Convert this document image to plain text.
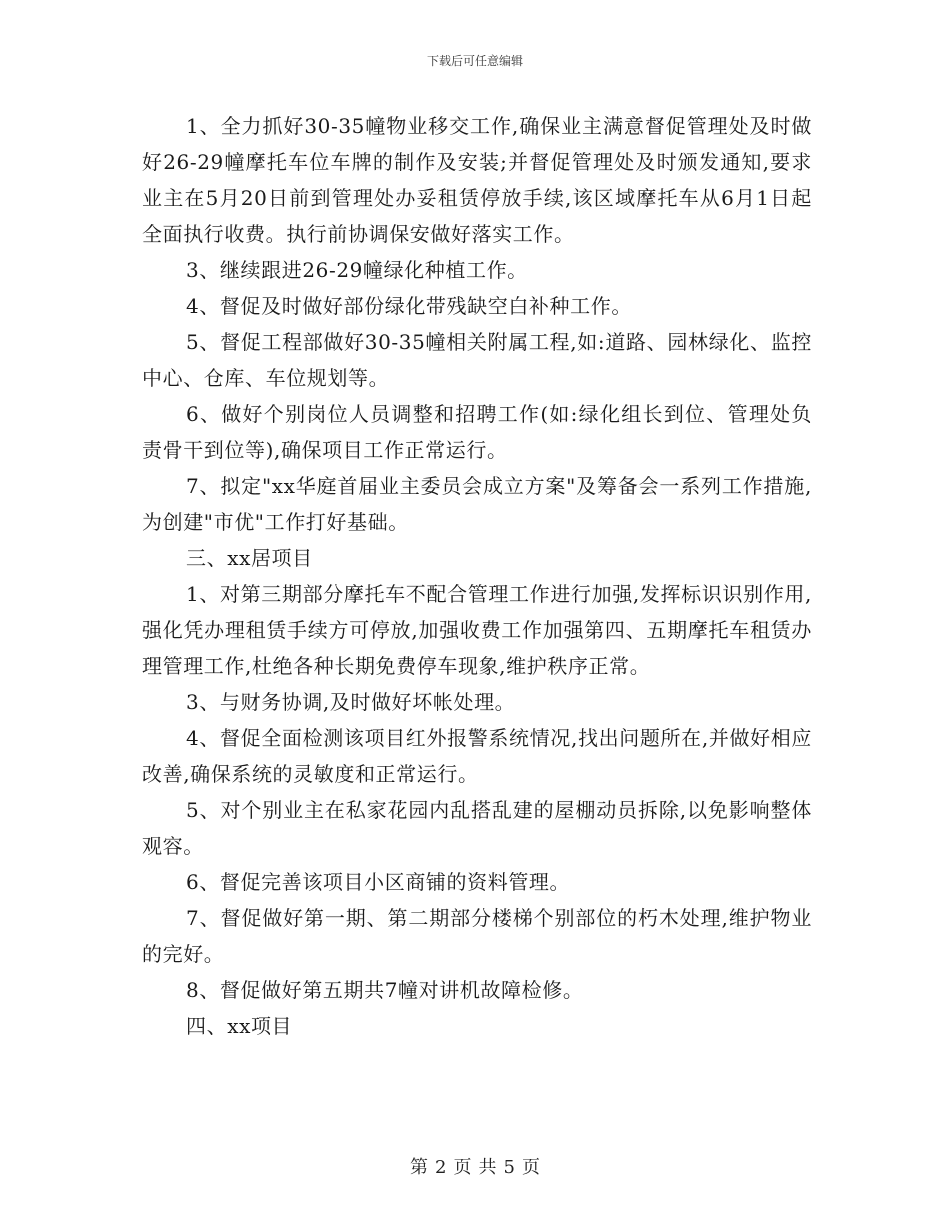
下载后可任意编辑

1、全力抓好30-35幢物业移交工作,确保业主满意督促管理处及时做好26-29幢摩托车位车牌的制作及安装;并督促管理处及时颁发通知,要求业主在5月20日前到管理处办妥租赁停放手续,该区域摩托车从6月1日起全面执行收费。执行前协调保安做好落实工作。

3、继续跟进26-29幢绿化种植工作。

4、督促及时做好部份绿化带残缺空白补种工作。

5、督促工程部做好30-35幢相关附属工程,如:道路、园林绿化、监控中心、仓库、车位规划等。

6、做好个别岗位人员调整和招聘工作(如:绿化组长到位、管理处负责骨干到位等),确保项目工作正常运行。

7、拟定"xx华庭首届业主委员会成立方案"及筹备会一系列工作措施,为创建"市优"工作打好基础。

三、xx居项目

1、对第三期部分摩托车不配合管理工作进行加强,发挥标识识别作用,强化凭办理租赁手续方可停放,加强收费工作加强第四、五期摩托车租赁办理管理工作,杜绝各种长期免费停车现象,维护秩序正常。

3、与财务协调,及时做好坏帐处理。

4、督促全面检测该项目红外报警系统情况,找出问题所在,并做好相应改善,确保系统的灵敏度和正常运行。

5、对个别业主在私家花园内乱搭乱建的屋棚动员拆除,以免影响整体观容。

6、督促完善该项目小区商铺的资料管理。

7、督促做好第一期、第二期部分楼梯个别部位的朽木处理,维护物业的完好。

8、督促做好第五期共7幢对讲机故障检修。

四、xx项目

第 2 页 共 5 页
